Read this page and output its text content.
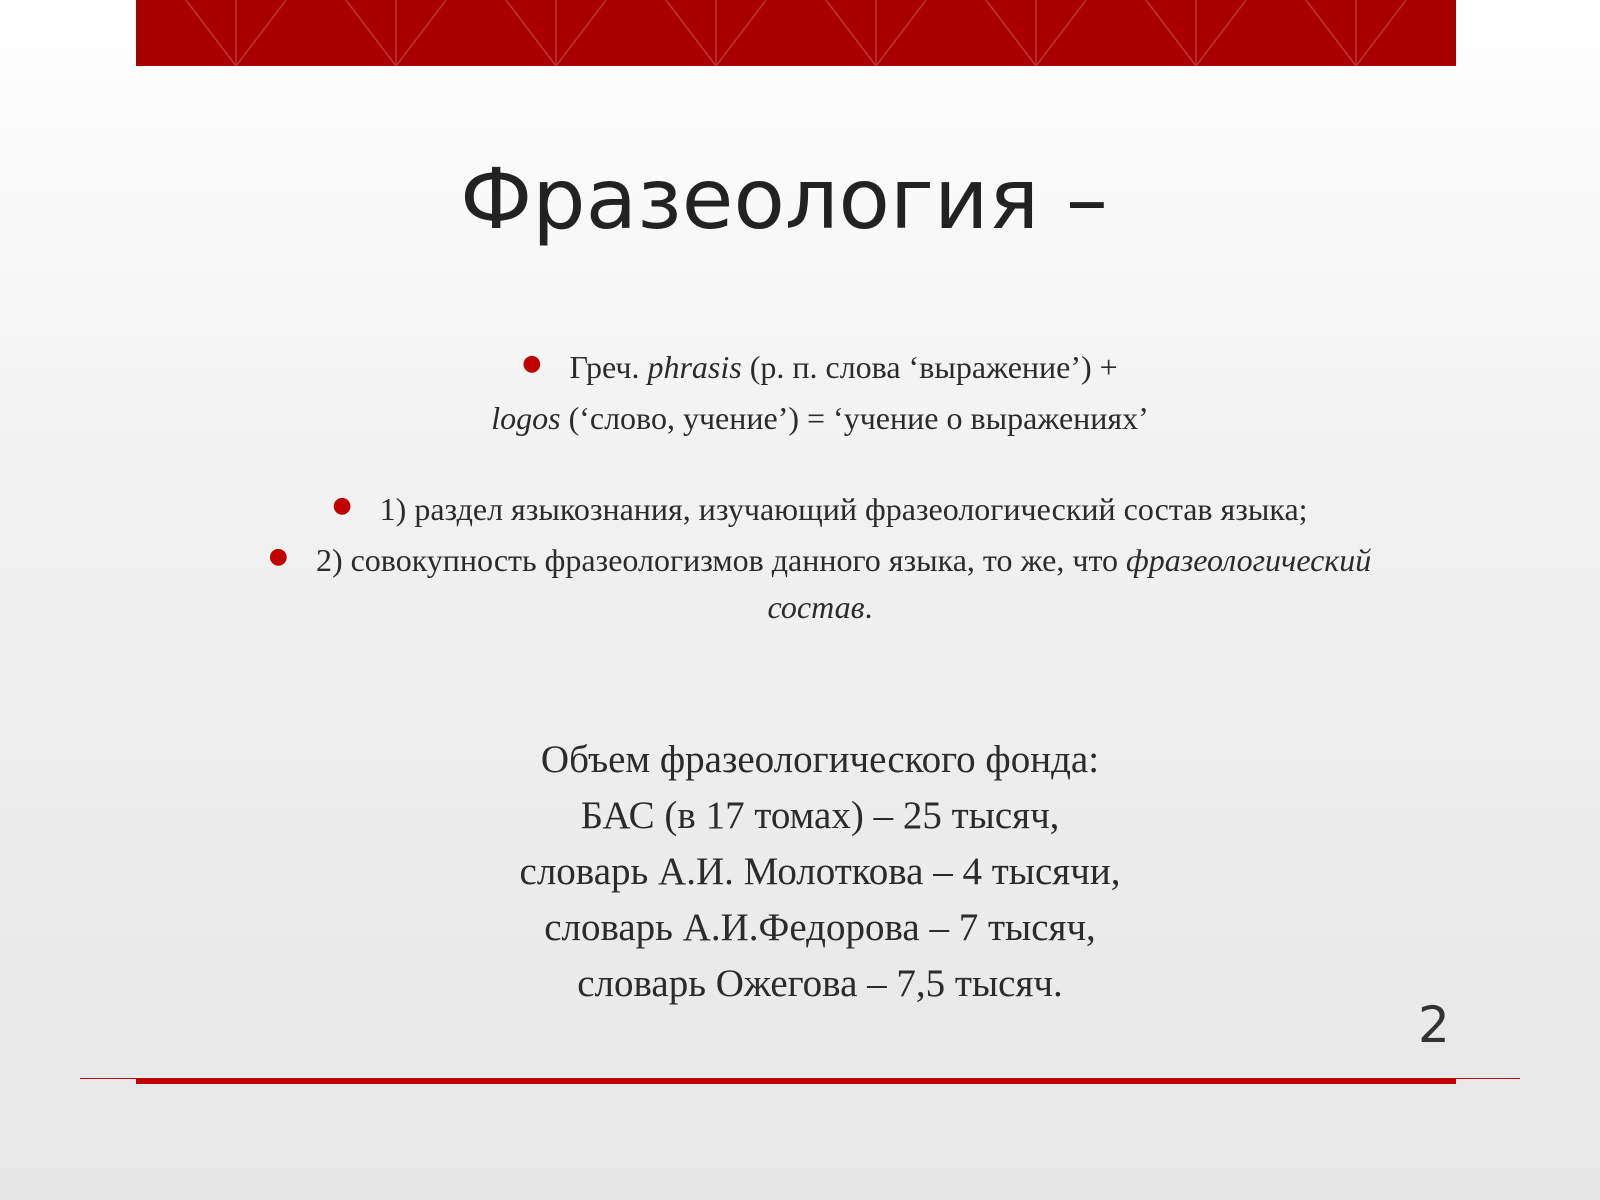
Фразеология –
● Греч. phrasis (р. п. слова ‘выражение’) +
logos (‘слово, учение’) = ‘учение о выражениях’
● 1) раздел языкознания, изучающий фразеологический состав языка;
● 2) совокупность фразеологизмов данного языка, то же, что фразеологический
состав.
Объем фразеологического фонда:
БАС (в 17 томах) – 25 тысяч,
словарь А.И. Молоткова – 4 тысячи,
словарь А.И.Федорова – 7 тысяч,
словарь Ожегова – 7,5 тысяч.
2
